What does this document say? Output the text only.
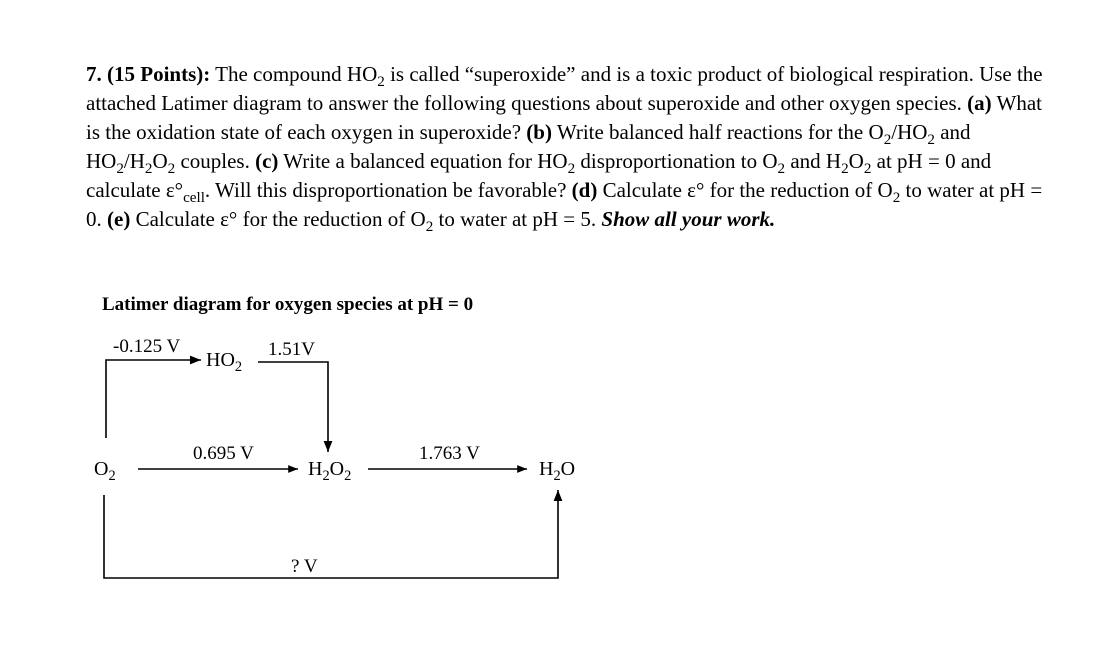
7. (15 Points): The compound $HO_2$ is called “superoxide” and is a toxic product of biological respiration. Use the attached Latimer diagram to answer the following questions about superoxide and other oxygen species. (a) What is the oxidation state of each oxygen in superoxide? (b) Write balanced half reactions for the $O_2/HO_2$ and $HO_2/H_2O_2$ couples. (c) Write a balanced equation for $HO_2$ disproportionation to $O_2$ and $H_2O_2$ at pH = 0 and calculate $\varepsilon^\circ_{cell}$. Will this disproportionation be favorable? (d) Calculate ε° for the reduction of $O_2$ to water at pH = 0. (e) Calculate ε° for the reduction of $O_2$ to water at pH = 5. Show all your work.

Latimer diagram for oxygen species at pH = 0
-0.125 V
$HO_2$
1.51V
0.695 V	1.763 V
$O_2$	$H_2O_2$	$H_2O$
? V
